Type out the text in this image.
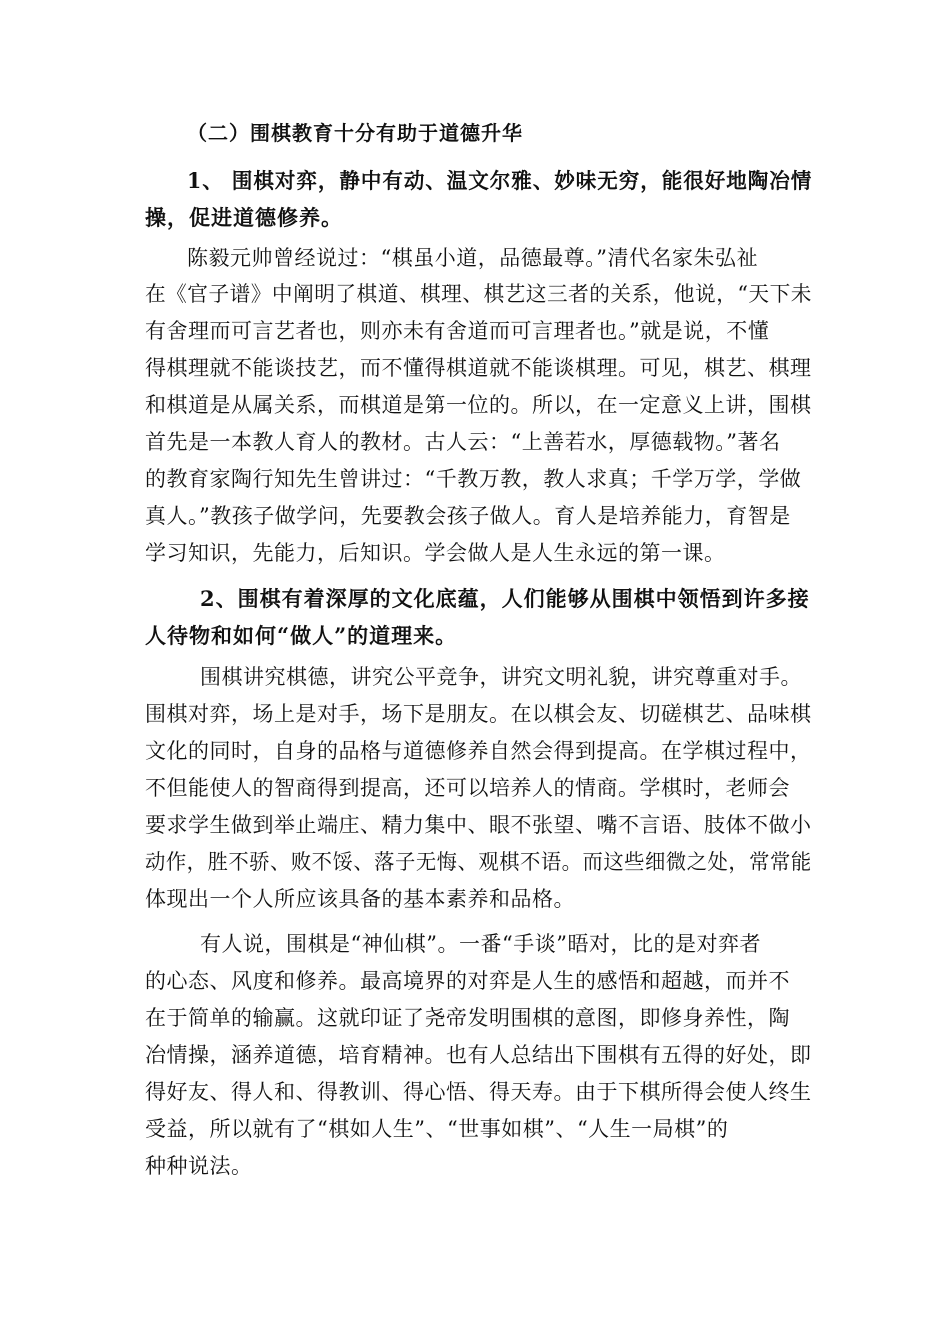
（二）围棋教育十分有助于道德升华
1、 围棋对弈，静中有动、温文尔雅、妙味无穷，能很好地陶冶情
操，促进道德修养。
陈毅元帅曾经说过：“棋虽小道，品德最尊。”清代名家朱弘祉
在《官子谱》中阐明了棋道、棋理、棋艺这三者的关系，他说，“天下未
有舍理而可言艺者也，则亦未有舍道而可言理者也。”就是说，不懂
得棋理就不能谈技艺，而不懂得棋道就不能谈棋理。可见，棋艺、棋理
和棋道是从属关系，而棋道是第一位的。所以，在一定意义上讲，围棋
首先是一本教人育人的教材。古人云：“上善若水，厚德载物。”著名
的教育家陶行知先生曾讲过：“千教万教，教人求真；千学万学，学做
真人。”教孩子做学问，先要教会孩子做人。育人是培养能力，育智是
学习知识，先能力，后知识。学会做人是人生永远的第一课。
2、围棋有着深厚的文化底蕴，人们能够从围棋中领悟到许多接
人待物和如何“做人”的道理来。
围棋讲究棋德，讲究公平竞争，讲究文明礼貌，讲究尊重对手。
围棋对弈，场上是对手，场下是朋友。在以棋会友、切磋棋艺、品味棋
文化的同时，自身的品格与道德修养自然会得到提高。在学棋过程中，
不但能使人的智商得到提高，还可以培养人的情商。学棋时，老师会
要求学生做到举止端庄、精力集中、眼不张望、嘴不言语、肢体不做小
动作，胜不骄、败不馁、落子无悔、观棋不语。而这些细微之处，常常能
体现出一个人所应该具备的基本素养和品格。
有人说，围棋是“神仙棋”。一番“手谈”晤对，比的是对弈者
的心态、风度和修养。最高境界的对弈是人生的感悟和超越，而并不
在于简单的输赢。这就印证了尧帝发明围棋的意图，即修身养性，陶
冶情操，涵养道德，培育精神。也有人总结出下围棋有五得的好处，即
得好友、得人和、得教训、得心悟、得天寿。由于下棋所得会使人终生
受益，所以就有了“棋如人生”、“世事如棋”、“人生一局棋”的
种种说法。
